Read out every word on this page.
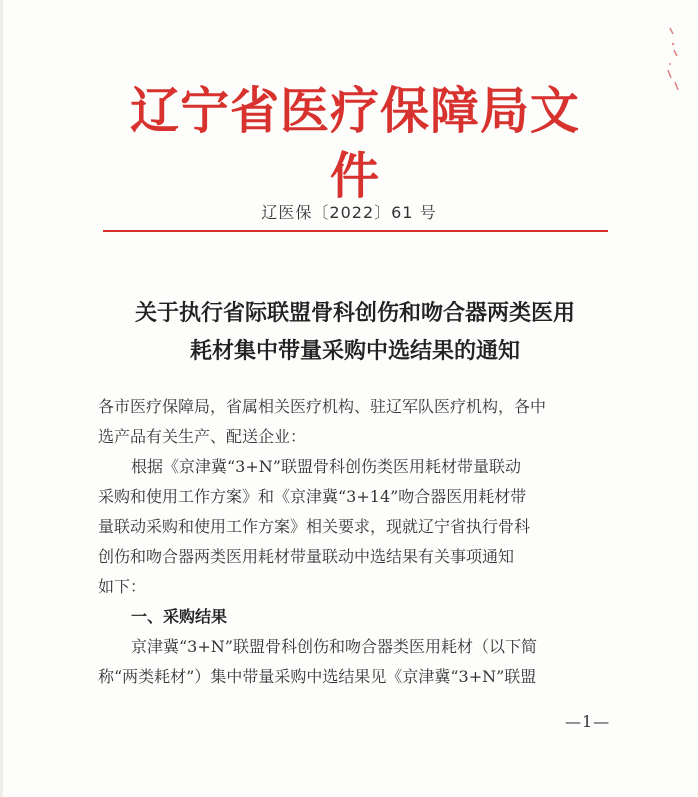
辽宁省医疗保障局文件
辽医保〔2022〕61 号
关于执行省际联盟骨科创伤和吻合器两类医用
耗材集中带量采购中选结果的通知
各市医疗保障局，省属相关医疗机构、驻辽军队医疗机构，各中
选产品有关生产、配送企业：
根据《京津冀“3+N”联盟骨科创伤类医用耗材带量联动
采购和使用工作方案》和《京津冀“3+14”吻合器医用耗材带
量联动采购和使用工作方案》相关要求，现就辽宁省执行骨科
创伤和吻合器两类医用耗材带量联动中选结果有关事项通知
如下：
一、采购结果
京津冀“3+N”联盟骨科创伤和吻合器类医用耗材（以下简
称“两类耗材”）集中带量采购中选结果见《京津冀“3+N”联盟
—1—
